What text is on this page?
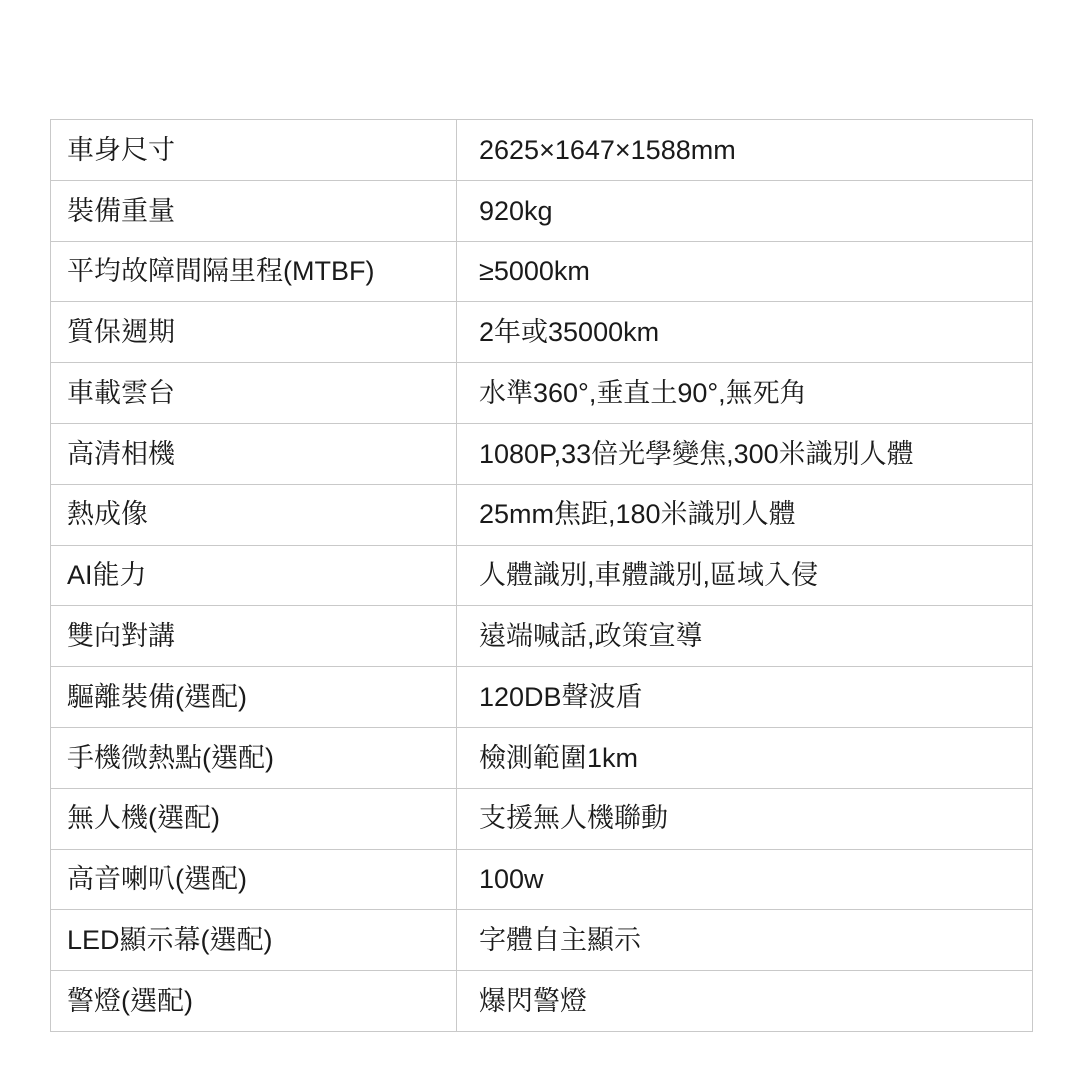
車身尺寸	2625×1647×1588mm
裝備重量	920kg
平均故障間隔里程(MTBF)	≥5000km
質保週期	2年或35000km
車載雲台	水準360°,垂直土90°,無死角
高清相機	1080P,33倍光學變焦,300米識別人體
熱成像	25mm焦距,180米識別人體
AI能力	人體識別,車體識別,區域入侵
雙向對講	遠端喊話,政策宣導
驅離裝備(選配)	120DB聲波盾
手機微熱點(選配)	檢測範圍1km
無人機(選配)	支援無人機聯動
高音喇叭(選配)	100w
LED顯示幕(選配)	字體自主顯示
警燈(選配)	爆閃警燈
